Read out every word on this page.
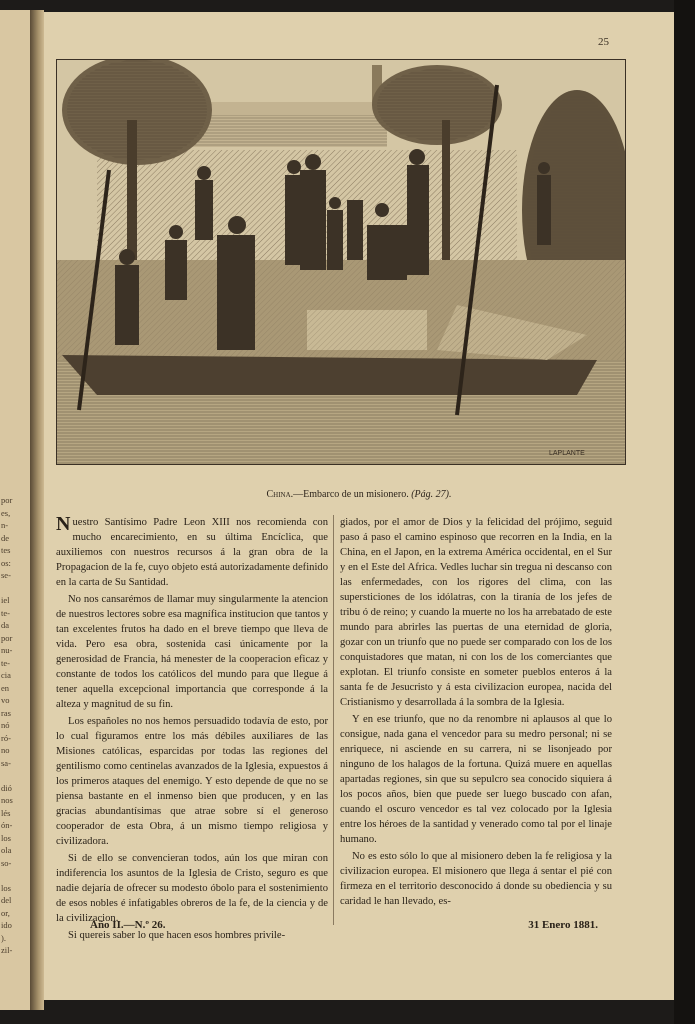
por
es,
n-
de
tes
os:
se-
iel
te-
da
por
nu-
te-
cia
en
vo
ras
nó
ró-
no
sa-
dió
nos
lés
ón-
los
ola
so-
los
del
or,
ido
).
zil-
25
LAPLANTE
China.—Embarco de un misionero. (Pág. 27).

Nuestro Santísimo Padre Leon XIII nos recomienda con mucho encarecimiento, en su última Encíclica, que auxiliemos con nuestros recursos á la gran obra de la Propagacion de la fe, cuyo objeto está autorizadamente definido en la carta de Su Santidad.

No nos cansarémos de llamar muy singularmente la atencion de nuestros lectores sobre esa magnífica institucion que tantos y tan excelentes frutos ha dado en el breve tiempo que lleva de vida. Pero esa obra, sostenida casi únicamente por la generosidad de Francia, há menester de la cooperacion eficaz y constante de todos los católicos del mundo para que llegue á tener aquella excepcional importancia que corresponde á la alteza y magnitud de su fin.

Los españoles no nos hemos persuadido todavía de esto, por lo cual figuramos entre los más débiles auxiliares de las Misiones católicas, esparcidas por todas las regiones del gentilismo como centinelas avanzados de la Iglesia, expuestos á los primeros ataques del enemigo. Y esto depende de que no se piensa bastante en el inmenso bien que producen, y en las gracias abundantísimas que atrae sobre sí el generoso cooperador de esta Obra, á un mismo tiempo religiosa y civilizadora.

Si de ello se convencieran todos, aún los que miran con indiferencia los asuntos de la Iglesia de Cristo, seguro es que nadie dejaría de ofrecer su modesto óbolo para el sostenimiento de esos nobles é infatigables obreros de la fe, de la ciencia y de la civilizacion.

Si quereis saber lo que hacen esos hombres privile-

giados, por el amor de Dios y la felicidad del prójimo, seguid paso á paso el camino espinoso que recorren en la India, en la China, en el Japon, en la extrema América occidental, en el Sur y en el Este del Africa. Vedles luchar sin tregua ni descanso con las enfermedades, con los rigores del clima, con las supersticiones de los idólatras, con la tiranía de los jefes de tribu ó de reino; y cuando la muerte no los ha arrebatado de este mundo para abrirles las puertas de una eternidad de gloria, gozar con un triunfo que no puede ser comparado con los de los conquistadores que matan, ni con los de los comerciantes que explotan. El triunfo consiste en someter pueblos enteros á la santa fe de Jesucristo y á esta civilizacion europea, nacida del Cristianismo y desarrollada á la sombra de la Iglesia.

Y en ese triunfo, que no da renombre ni aplausos al que lo consigue, nada gana el vencedor para su medro personal; ni se enriquece, ni asciende en su carrera, ni se lisonjeado por ninguno de los halagos de la fortuna. Quizá muere en aquellas apartadas regiones, sin que su sepulcro sea conocido siquiera á los pocos años, bien que puede ser luego buscado con afan, cuando el oscuro vencedor es tal vez colocado por la Iglesia entre los héroes de la santidad y venerado como tal por el linaje humano.

No es esto sólo lo que al misionero deben la fe religiosa y la civilizacion europea. El misionero que llega á sentar el pié con firmeza en el territorio desconocido á donde su obediencia y su caridad le han llevado, es-

Año II.—N.º 26.	31 Enero 1881.
